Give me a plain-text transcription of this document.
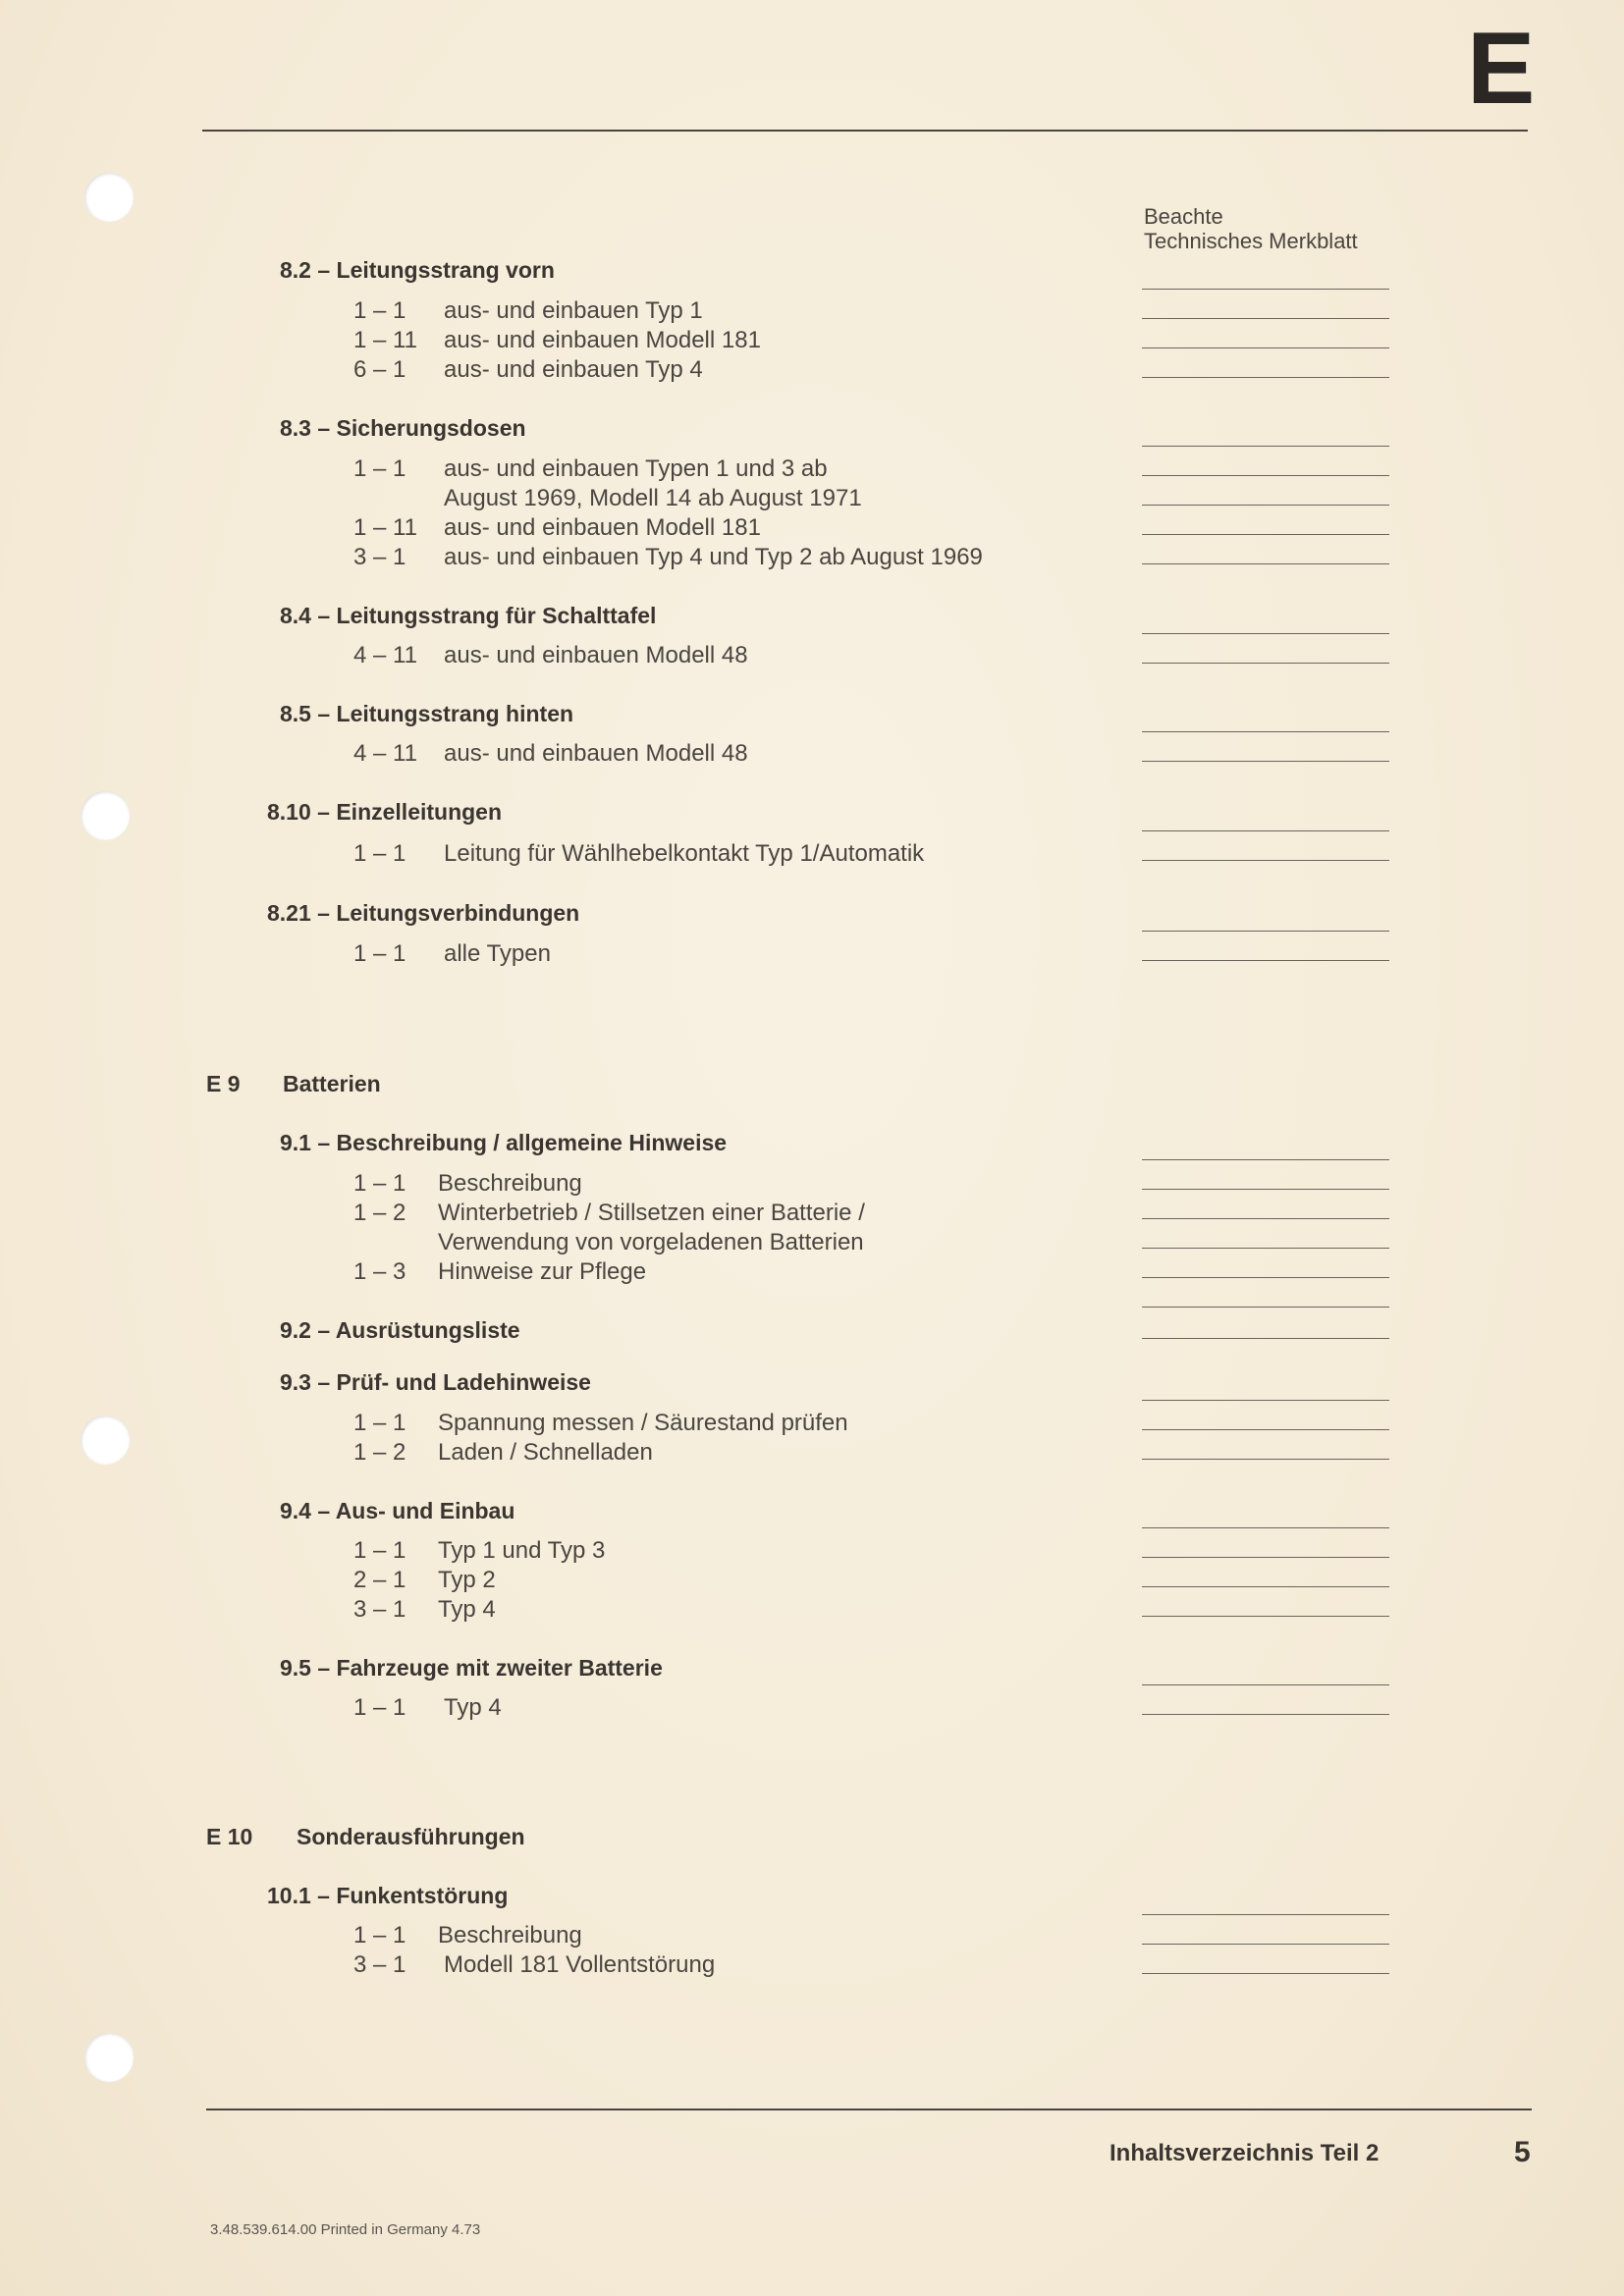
E
Beachte
Technisches Merkblatt
8.2 – Leitungsstrang vorn
1 – 1 aus- und einbauen Typ 1
1 – 11 aus- und einbauen Modell 181
6 – 1 aus- und einbauen Typ 4
8.3 – Sicherungsdosen
1 – 1 aus- und einbauen Typen 1 und 3 ab
August 1969, Modell 14 ab August 1971
1 – 11 aus- und einbauen Modell 181
3 – 1 aus- und einbauen Typ 4 und Typ 2 ab August 1969
8.4 – Leitungsstrang für Schalttafel
4 – 11 aus- und einbauen Modell 48
8.5 – Leitungsstrang hinten
4 – 11 aus- und einbauen Modell 48
8.10 – Einzelleitungen
1 – 1 Leitung für Wählhebelkontakt Typ 1/Automatik
8.21 – Leitungsverbindungen
1 – 1 alle Typen
E 9 Batterien
9.1 – Beschreibung / allgemeine Hinweise
1 – 1 Beschreibung
1 – 2 Winterbetrieb / Stillsetzen einer Batterie /
Verwendung von vorgeladenen Batterien
1 – 3 Hinweise zur Pflege
9.2 – Ausrüstungsliste
9.3 – Prüf- und Ladehinweise
1 – 1 Spannung messen / Säurestand prüfen
1 – 2 Laden / Schnelladen
9.4 – Aus- und Einbau
1 – 1 Typ 1 und Typ 3
2 – 1 Typ 2
3 – 1 Typ 4
9.5 – Fahrzeuge mit zweiter Batterie
1 – 1 Typ 4
E 10 Sonderausführungen
10.1 – Funkentstörung
1 – 1 Beschreibung
3 – 1 Modell 181 Vollentstörung
Inhaltsverzeichnis Teil 2	5
3.48.539.614.00 Printed in Germany 4.73
